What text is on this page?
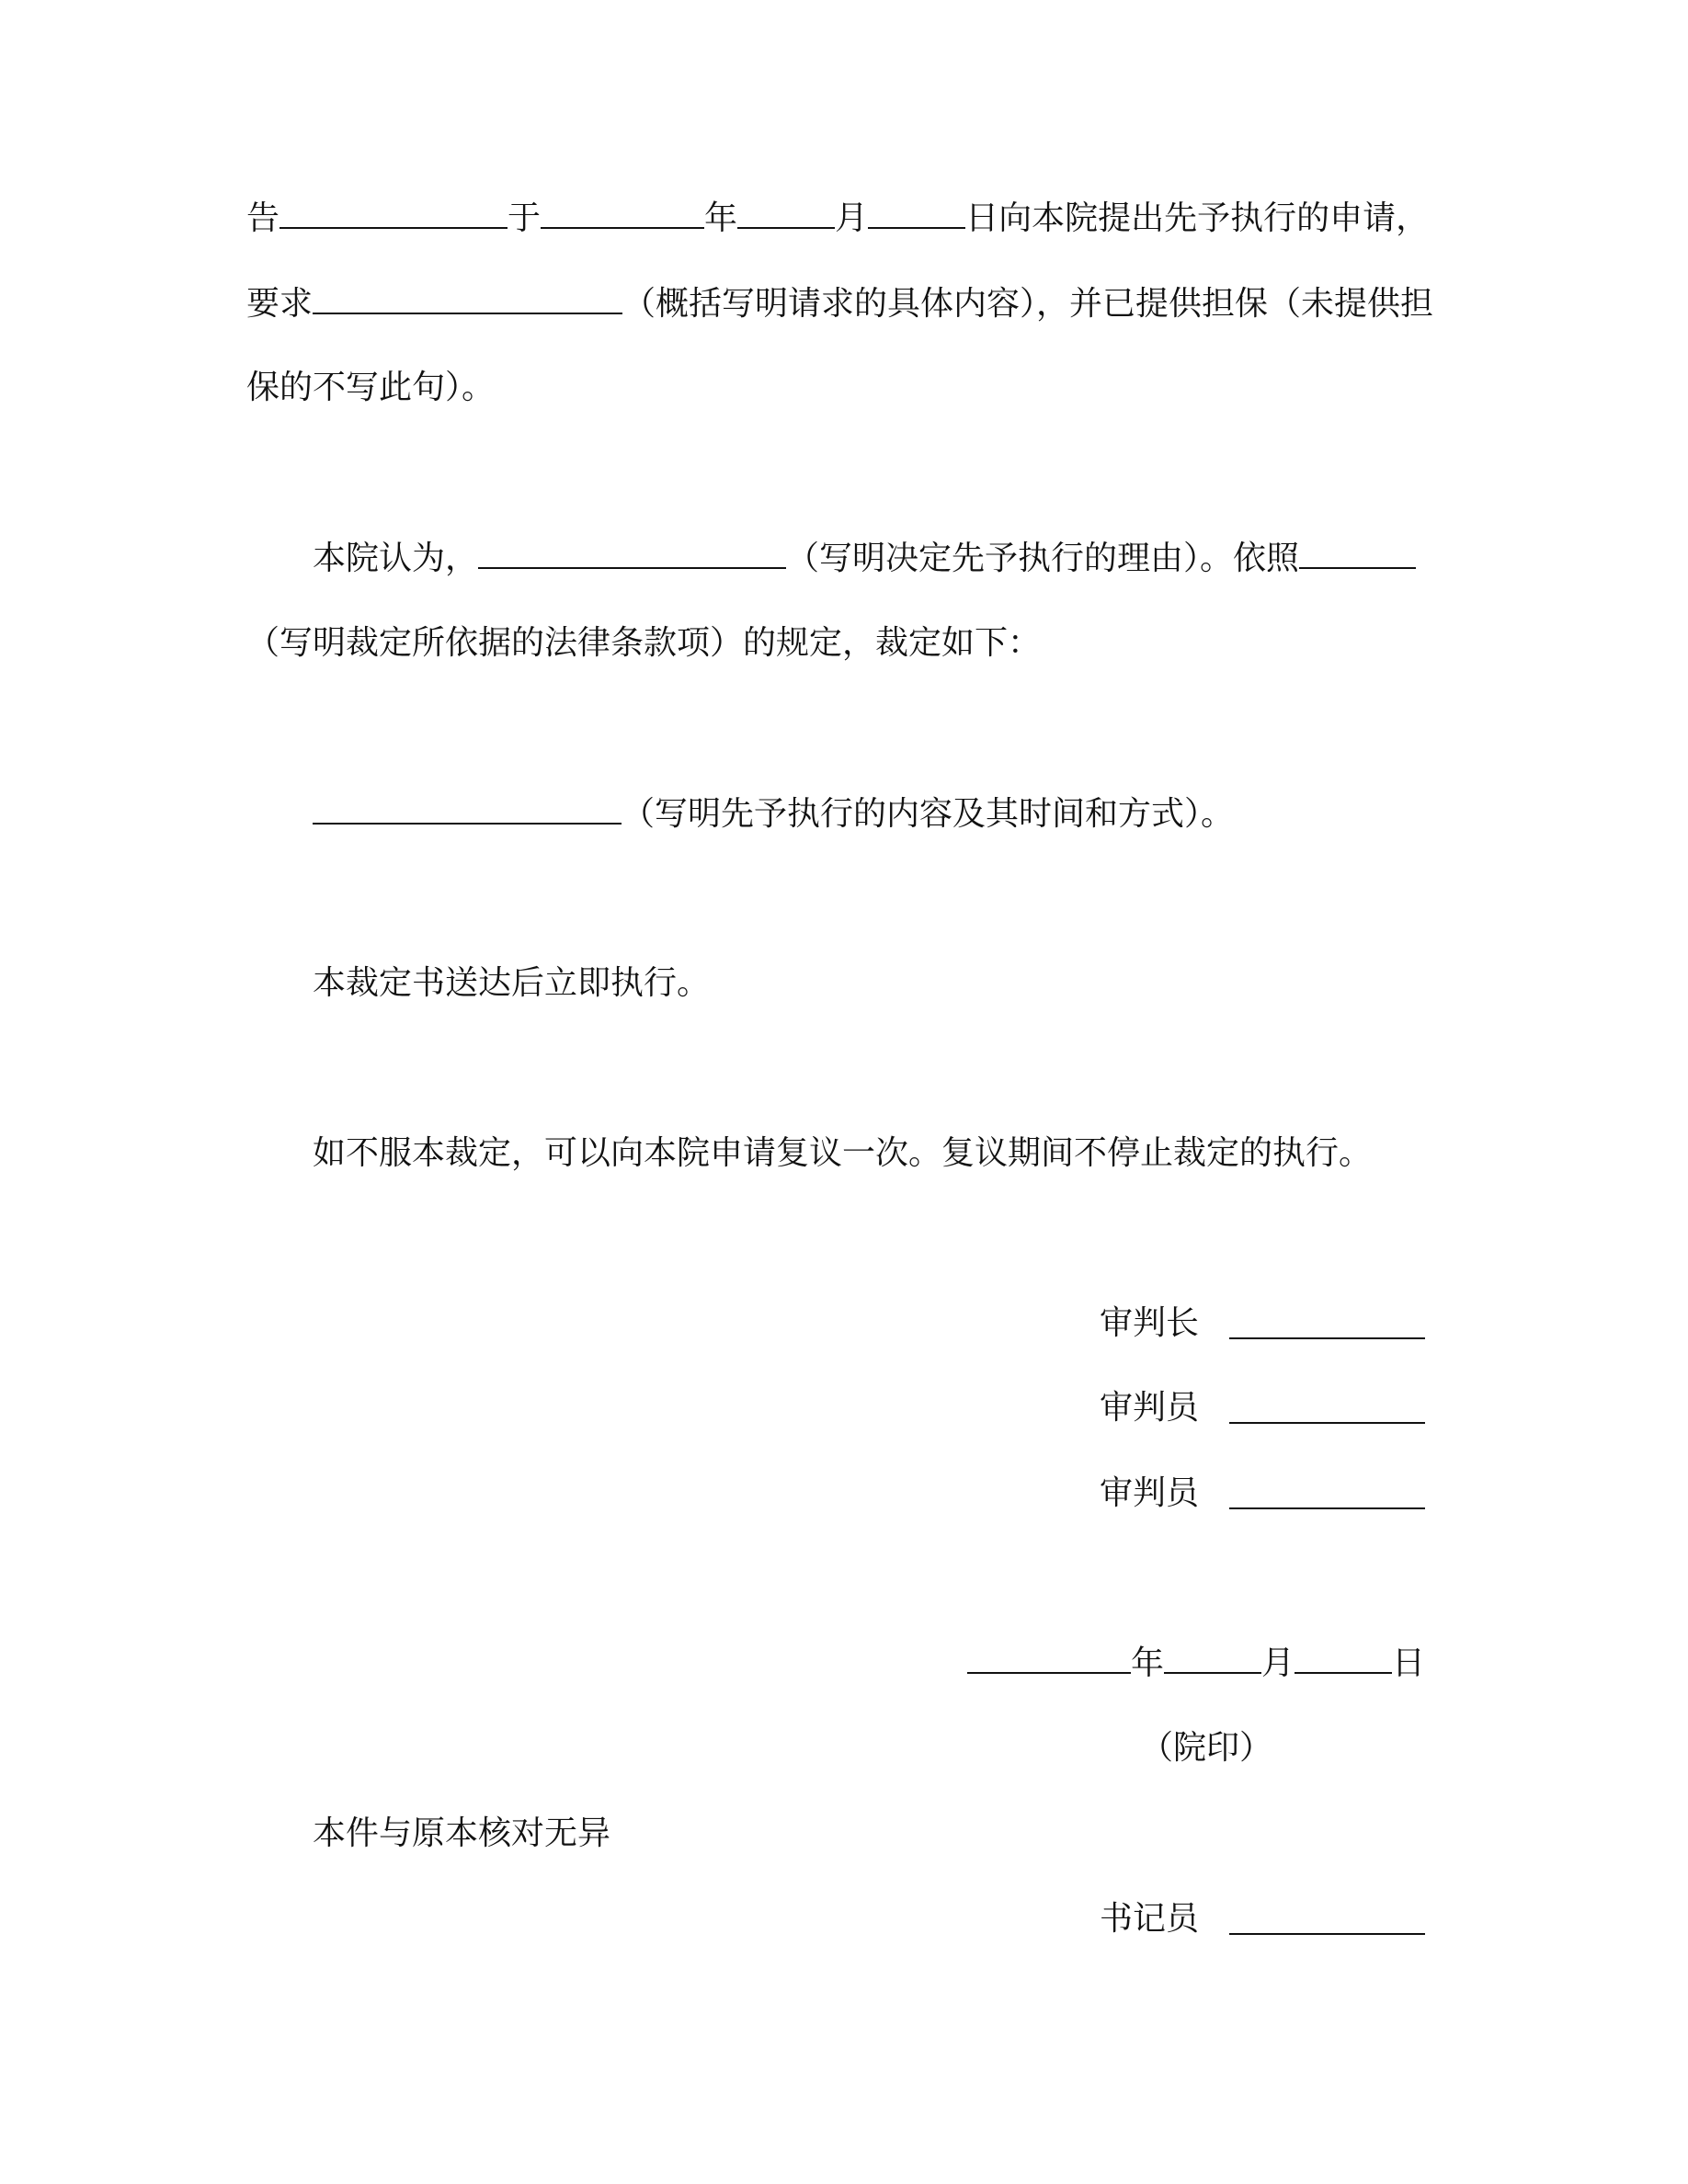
告	于	年	月	日向本院提出先予执行的申请，
要求	（概括写明请求的具体内容），并已提供担保（未提供担
保的不写此句）。
本院认为，	（写明决定先予执行的理由）。依照
（写明裁定所依据的法律条款项）的规定，裁定如下：
（写明先予执行的内容及其时间和方式）。
本裁定书送达后立即执行。
如不服本裁定，可以向本院申请复议一次。复议期间不停止裁定的执行。
审判长
审判员
审判员
年	月	日
（院印）
本件与原本核对无异
书记员
